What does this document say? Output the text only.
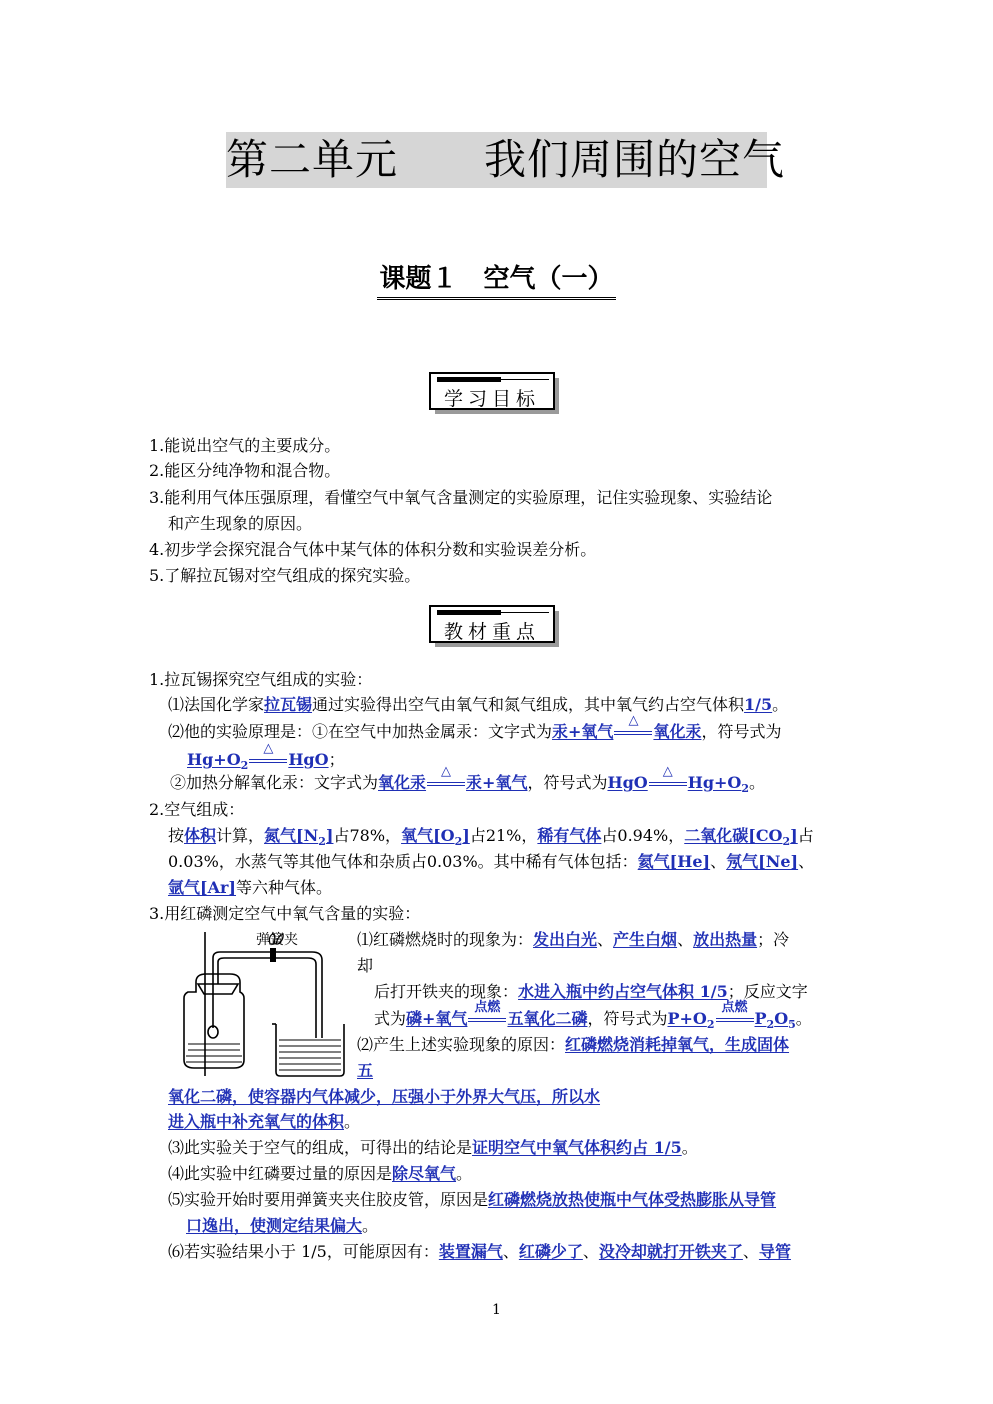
第二单元　　我们周围的空气
课题１　空气（一）
学习目标
1.能说出空气的主要成分。
2.能区分纯净物和混合物。
3.能利用气体压强原理，看懂空气中氧气含量测定的实验原理，记住实验现象、实验结论
和产生现象的原因。
4.初步学会探究混合气体中某气体的体积分数和实验误差分析。
5.了解拉瓦锡对空气组成的探究实验。
教材重点
1.拉瓦锡探究空气组成的实验：
⑴法国化学家拉瓦锡通过实验得出空气由氧气和氮气组成，其中氧气约占空气体积1/5。
⑵他的实验原理是：①在空气中加热金属汞：文字式为汞+氧气
△
氧化汞，符号式为
$Hg+O_2$
△
HgO；
②加热分解氧化汞：文字式为氧化汞
△
汞+氧气，符号式为HgO
△
$Hg+O_2$。
2.空气组成：
按体积计算，氮气$[N_2]$占78%，氧气$[O_2]$占21%，稀有气体占0.94%，二氧化碳$[CO_2]$占
0.03%，水蒸气等其他气体和杂质占0.03%。其中稀有气体包括：氦气[He]、氖气[Ne]、
氩气[Ar]等六种气体。
3.用红磷测定空气中氧气含量的实验：
弹簧夹	⑴红磷燃烧时的现象为：发出白光、产生白烟、放出热量；冷
却
后打开铁夹的现象：水进入瓶中约占空气体积 1/5；反应文字
式为磷+氧气
点燃
五氧化二磷，符号式为$P+O_2$
点燃
$P_2O_5$。
⑵产生上述实验现象的原因：红磷燃烧消耗掉氧气，生成固体
五
氧化二磷，使容器内气体减少，压强小于外界大气压，所以水
进入瓶中补充氧气的体积。
⑶此实验关于空气的组成，可得出的结论是证明空气中氧气体积约占 1/5。
⑷此实验中红磷要过量的原因是除尽氧气。
⑸实验开始时要用弹簧夹夹住胶皮管，原因是红磷燃烧放热使瓶中气体受热膨胀从导管
口逸出，使测定结果偏大。
⑹若实验结果小于 1/5，可能原因有：装置漏气、红磷少了、没冷却就打开铁夹了、导管
1
